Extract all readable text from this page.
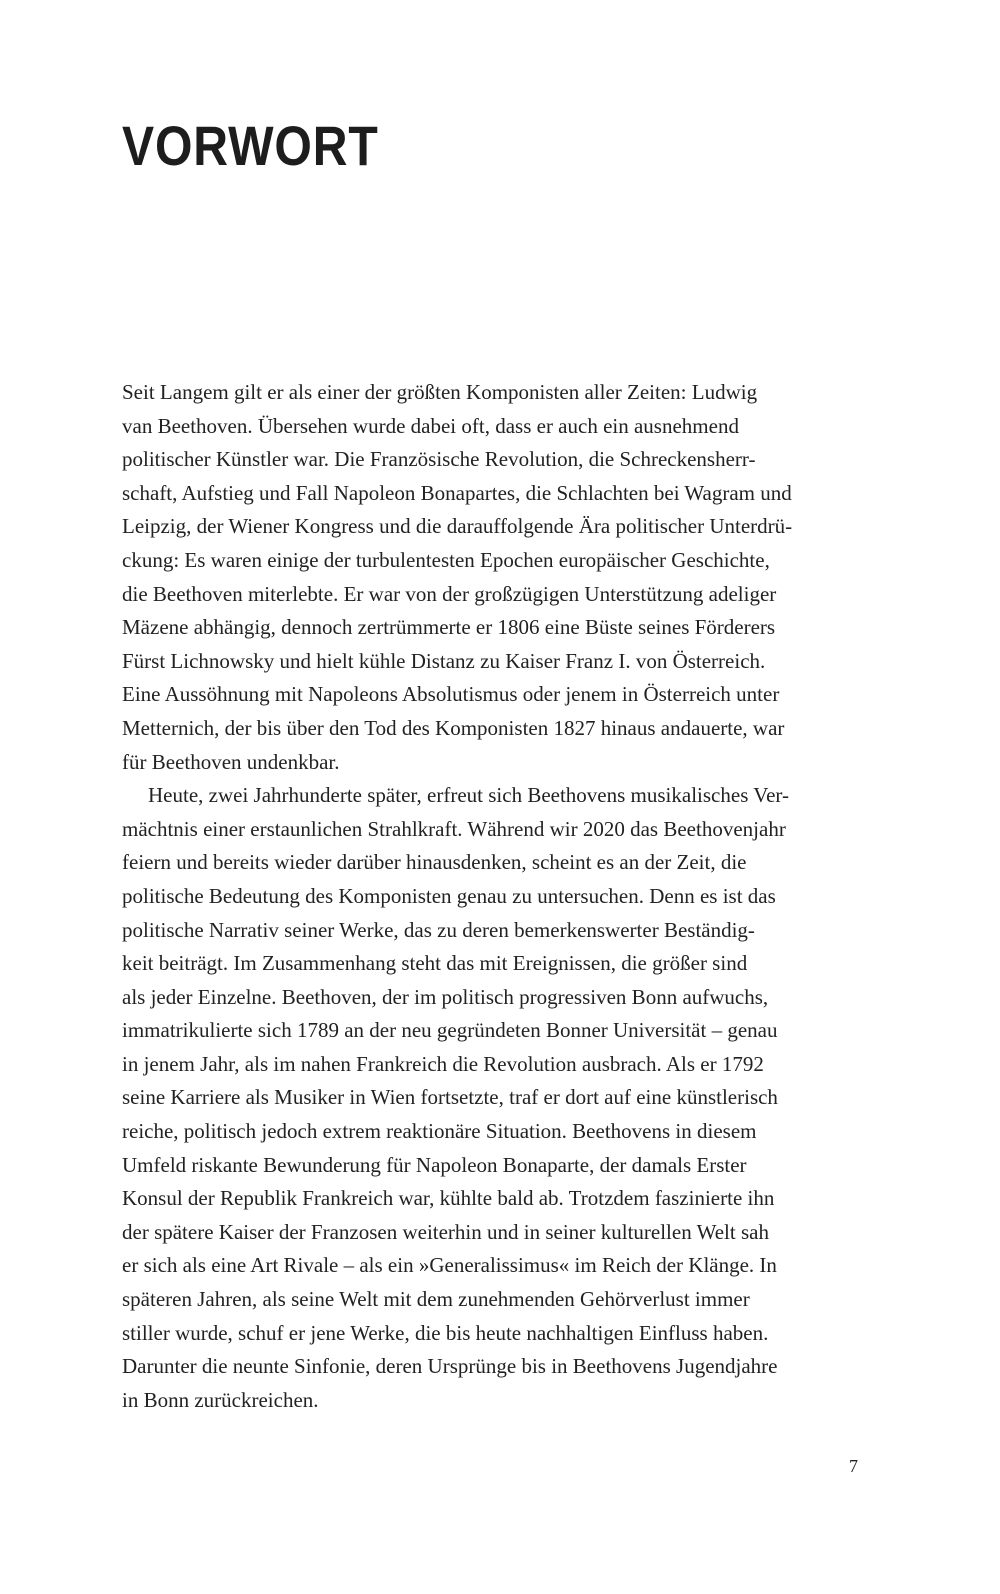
VORWORT
Seit Langem gilt er als einer der größten Komponisten aller Zeiten: Ludwig
van Beethoven. Übersehen wurde dabei oft, dass er auch ein ausnehmend
politischer Künstler war. Die Französische Revolution, die Schreckensherr-
schaft, Aufstieg und Fall Napoleon Bonapartes, die Schlachten bei Wagram und
Leipzig, der Wiener Kongress und die darauffolgende Ära politischer Unterdrü-
ckung: Es waren einige der turbulentesten Epochen europäischer Geschichte,
die Beethoven miterlebte. Er war von der großzügigen Unterstützung adeliger
Mäzene abhängig, dennoch zertrümmerte er 1806 eine Büste seines Förderers
Fürst Lichnowsky und hielt kühle Distanz zu Kaiser Franz I. von Österreich.
Eine Aussöhnung mit Napoleons Absolutismus oder jenem in Österreich unter
Metternich, der bis über den Tod des Komponisten 1827 hinaus andauerte, war
für Beethoven undenkbar.
Heute, zwei Jahrhunderte später, erfreut sich Beethovens musikalisches Ver-
mächtnis einer erstaunlichen Strahlkraft. Während wir 2020 das Beethovenjahr
feiern und bereits wieder darüber hinausdenken, scheint es an der Zeit, die
politische Bedeutung des Komponisten genau zu untersuchen. Denn es ist das
politische Narrativ seiner Werke, das zu deren bemerkenswerter Beständig-
keit beiträgt. Im Zusammenhang steht das mit Ereignissen, die größer sind
als jeder Einzelne. Beethoven, der im politisch progressiven Bonn aufwuchs,
immatrikulierte sich 1789 an der neu gegründeten Bonner Universität – genau
in jenem Jahr, als im nahen Frankreich die Revolution ausbrach. Als er 1792
seine Karriere als Musiker in Wien fortsetzte, traf er dort auf eine künstlerisch
reiche, politisch jedoch extrem reaktionäre Situation. Beethovens in diesem
Umfeld riskante Bewunderung für Napoleon Bonaparte, der damals Erster
Konsul der Republik Frankreich war, kühlte bald ab. Trotzdem faszinierte ihn
der spätere Kaiser der Franzosen weiterhin und in seiner kulturellen Welt sah
er sich als eine Art Rivale – als ein »Generalissimus« im Reich der Klänge. In
späteren Jahren, als seine Welt mit dem zunehmenden Gehörverlust immer
stiller wurde, schuf er jene Werke, die bis heute nachhaltigen Einfluss haben.
Darunter die neunte Sinfonie, deren Ursprünge bis in Beethovens Jugendjahre
in Bonn zurückreichen.
7
